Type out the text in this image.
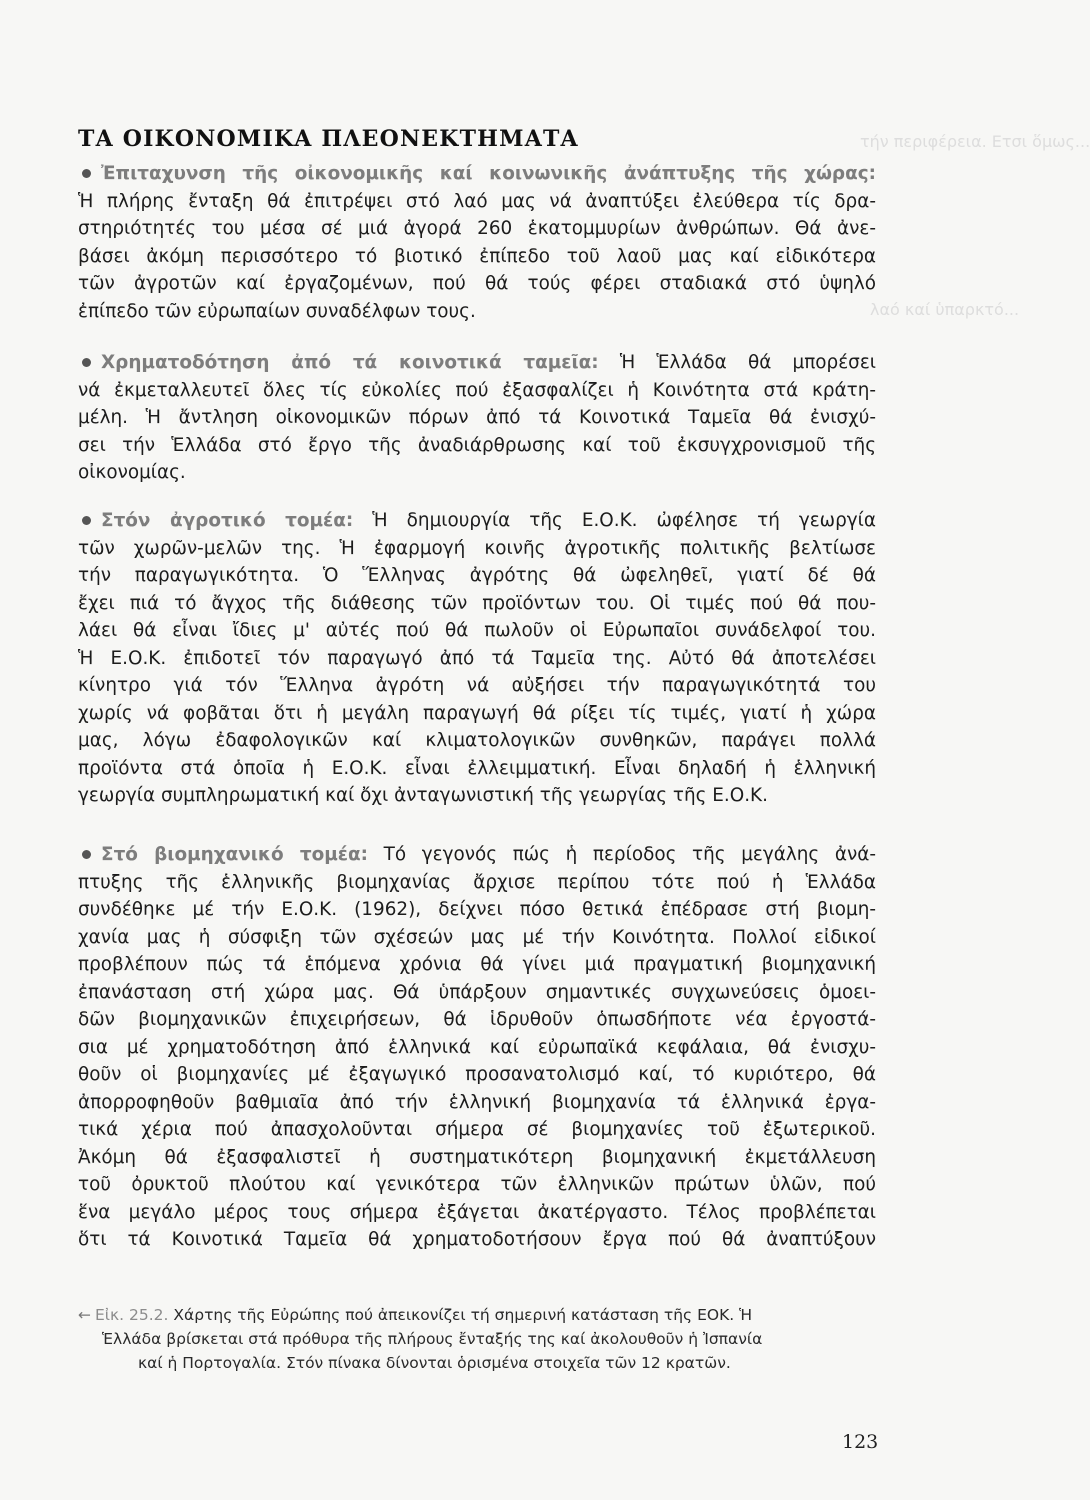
τήν περιφέρεια. Ετσι ὅμως...
λαό καί ὑπαρκτό...
ΤΑ ΟΙΚΟΝΟΜΙΚΑ ΠΛΕΟΝΕΚΤΗΜΑΤΑ

Ἐπιταχυνση τῆς οἰκονομικῆς καί κοινωνικῆς ἀνάπτυξης τῆς χώρας:
Ἡ πλήρης ἔνταξη θά ἐπιτρέψει στό λαό μας νά ἀναπτύξει ἐλεύθερα τίς δρα-
στηριότητές του μέσα σέ μιά ἀγορά 260 ἑκατομμυρίων ἀνθρώπων. Θά ἀνε-
βάσει ἀκόμη περισσότερο τό βιοτικό ἐπίπεδο τοῦ λαοῦ μας καί εἰδικότερα
τῶν ἀγροτῶν καί ἐργαζομένων, πού θά τούς φέρει σταδιακά στό ὑψηλό
ἐπίπεδο τῶν εὐρωπαίων συναδέλφων τους.

Χρηματοδότηση ἀπό τά κοινοτικά ταμεῖα: Ἡ Ἑλλάδα θά μπορέσει
νά ἐκμεταλλευτεῖ ὅλες τίς εὐκολίες πού ἐξασφαλίζει ἡ Κοινότητα στά κράτη-
μέλη. Ἡ ἄντληση οἰκονομικῶν πόρων ἀπό τά Κοινοτικά Ταμεῖα θά ἐνισχύ-
σει τήν Ἑλλάδα στό ἔργο τῆς ἀναδιάρθρωσης καί τοῦ ἐκσυγχρονισμοῦ τῆς
οἰκονομίας.

Στόν ἀγροτικό τομέα: Ἡ δημιουργία τῆς Ε.Ο.Κ. ὠφέλησε τή γεωργία
τῶν χωρῶν-μελῶν της. Ἡ ἐφαρμογή κοινῆς ἀγροτικῆς πολιτικῆς βελτίωσε
τήν παραγωγικότητα. Ὁ Ἕλληνας ἀγρότης θά ὠφεληθεῖ, γιατί δέ θά
ἔχει πιά τό ἄγχος τῆς διάθεσης τῶν προϊόντων του. Οἱ τιμές πού θά που-
λάει θά εἶναι ἴδιες μ' αὐτές πού θά πωλοῦν οἱ Εὐρωπαῖοι συνάδελφοί του.
Ἡ Ε.Ο.Κ. ἐπιδοτεῖ τόν παραγωγό ἀπό τά Ταμεῖα της. Αὐτό θά ἀποτελέσει
κίνητρο γιά τόν Ἕλληνα ἀγρότη νά αὐξήσει τήν παραγωγικότητά του
χωρίς νά φοβᾶται ὅτι ἡ μεγάλη παραγωγή θά ρίξει τίς τιμές, γιατί ἡ χώρα
μας, λόγω ἐδαφολογικῶν καί κλιματολογικῶν συνθηκῶν, παράγει πολλά
προϊόντα στά ὁποῖα ἡ Ε.Ο.Κ. εἶναι ἐλλειμματική. Εἶναι δηλαδή ἡ ἑλληνική
γεωργία συμπληρωματική καί ὄχι ἀνταγωνιστική τῆς γεωργίας τῆς Ε.Ο.Κ.

Στό βιομηχανικό τομέα: Τό γεγονός πώς ἡ περίοδος τῆς μεγάλης ἀνά-
πτυξης τῆς ἑλληνικῆς βιομηχανίας ἄρχισε περίπου τότε πού ἡ Ἑλλάδα
συνδέθηκε μέ τήν Ε.Ο.Κ. (1962), δείχνει πόσο θετικά ἐπέδρασε στή βιομη-
χανία μας ἡ σύσφιξη τῶν σχέσεών μας μέ τήν Κοινότητα. Πολλοί εἰδικοί
προβλέπουν πώς τά ἑπόμενα χρόνια θά γίνει μιά πραγματική βιομηχανική
ἐπανάσταση στή χώρα μας. Θά ὑπάρξουν σημαντικές συγχωνεύσεις ὁμοει-
δῶν βιομηχανικῶν ἐπιχειρήσεων, θά ἱδρυθοῦν ὁπωσδήποτε νέα ἐργοστά-
σια μέ χρηματοδότηση ἀπό ἑλληνικά καί εὐρωπαϊκά κεφάλαια, θά ἐνισχυ-
θοῦν οἱ βιομηχανίες μέ ἐξαγωγικό προσανατολισμό καί, τό κυριότερο, θά
ἀπορροφηθοῦν βαθμιαῖα ἀπό τήν ἑλληνική βιομηχανία τά ἑλληνικά ἐργα-
τικά χέρια πού ἀπασχολοῦνται σήμερα σέ βιομηχανίες τοῦ ἐξωτερικοῦ.
Ἀκόμη θά ἐξασφαλιστεῖ ἡ συστηματικότερη βιομηχανική ἐκμετάλλευση
τοῦ ὀρυκτοῦ πλούτου καί γενικότερα τῶν ἑλληνικῶν πρώτων ὑλῶν, πού
ἕνα μεγάλο μέρος τους σήμερα ἐξάγεται ἀκατέργαστο. Τέλος προβλέπεται
ὅτι τά Κοινοτικά Ταμεῖα θά χρηματοδοτήσουν ἔργα πού θά ἀναπτύξουν

← Εἰκ. 25.2. Χάρτης τῆς Εὐρώπης πού ἀπεικονίζει τή σημερινή κατάσταση τῆς ΕΟΚ. Ἡ
Ἑλλάδα βρίσκεται στά πρόθυρα τῆς πλήρους ἔνταξής της καί ἀκολουθοῦν ἡ Ἰσπανία
καί ἡ Πορτογαλία. Στόν πίνακα δίνονται ὁρισμένα στοιχεῖα τῶν 12 κρατῶν.
123
